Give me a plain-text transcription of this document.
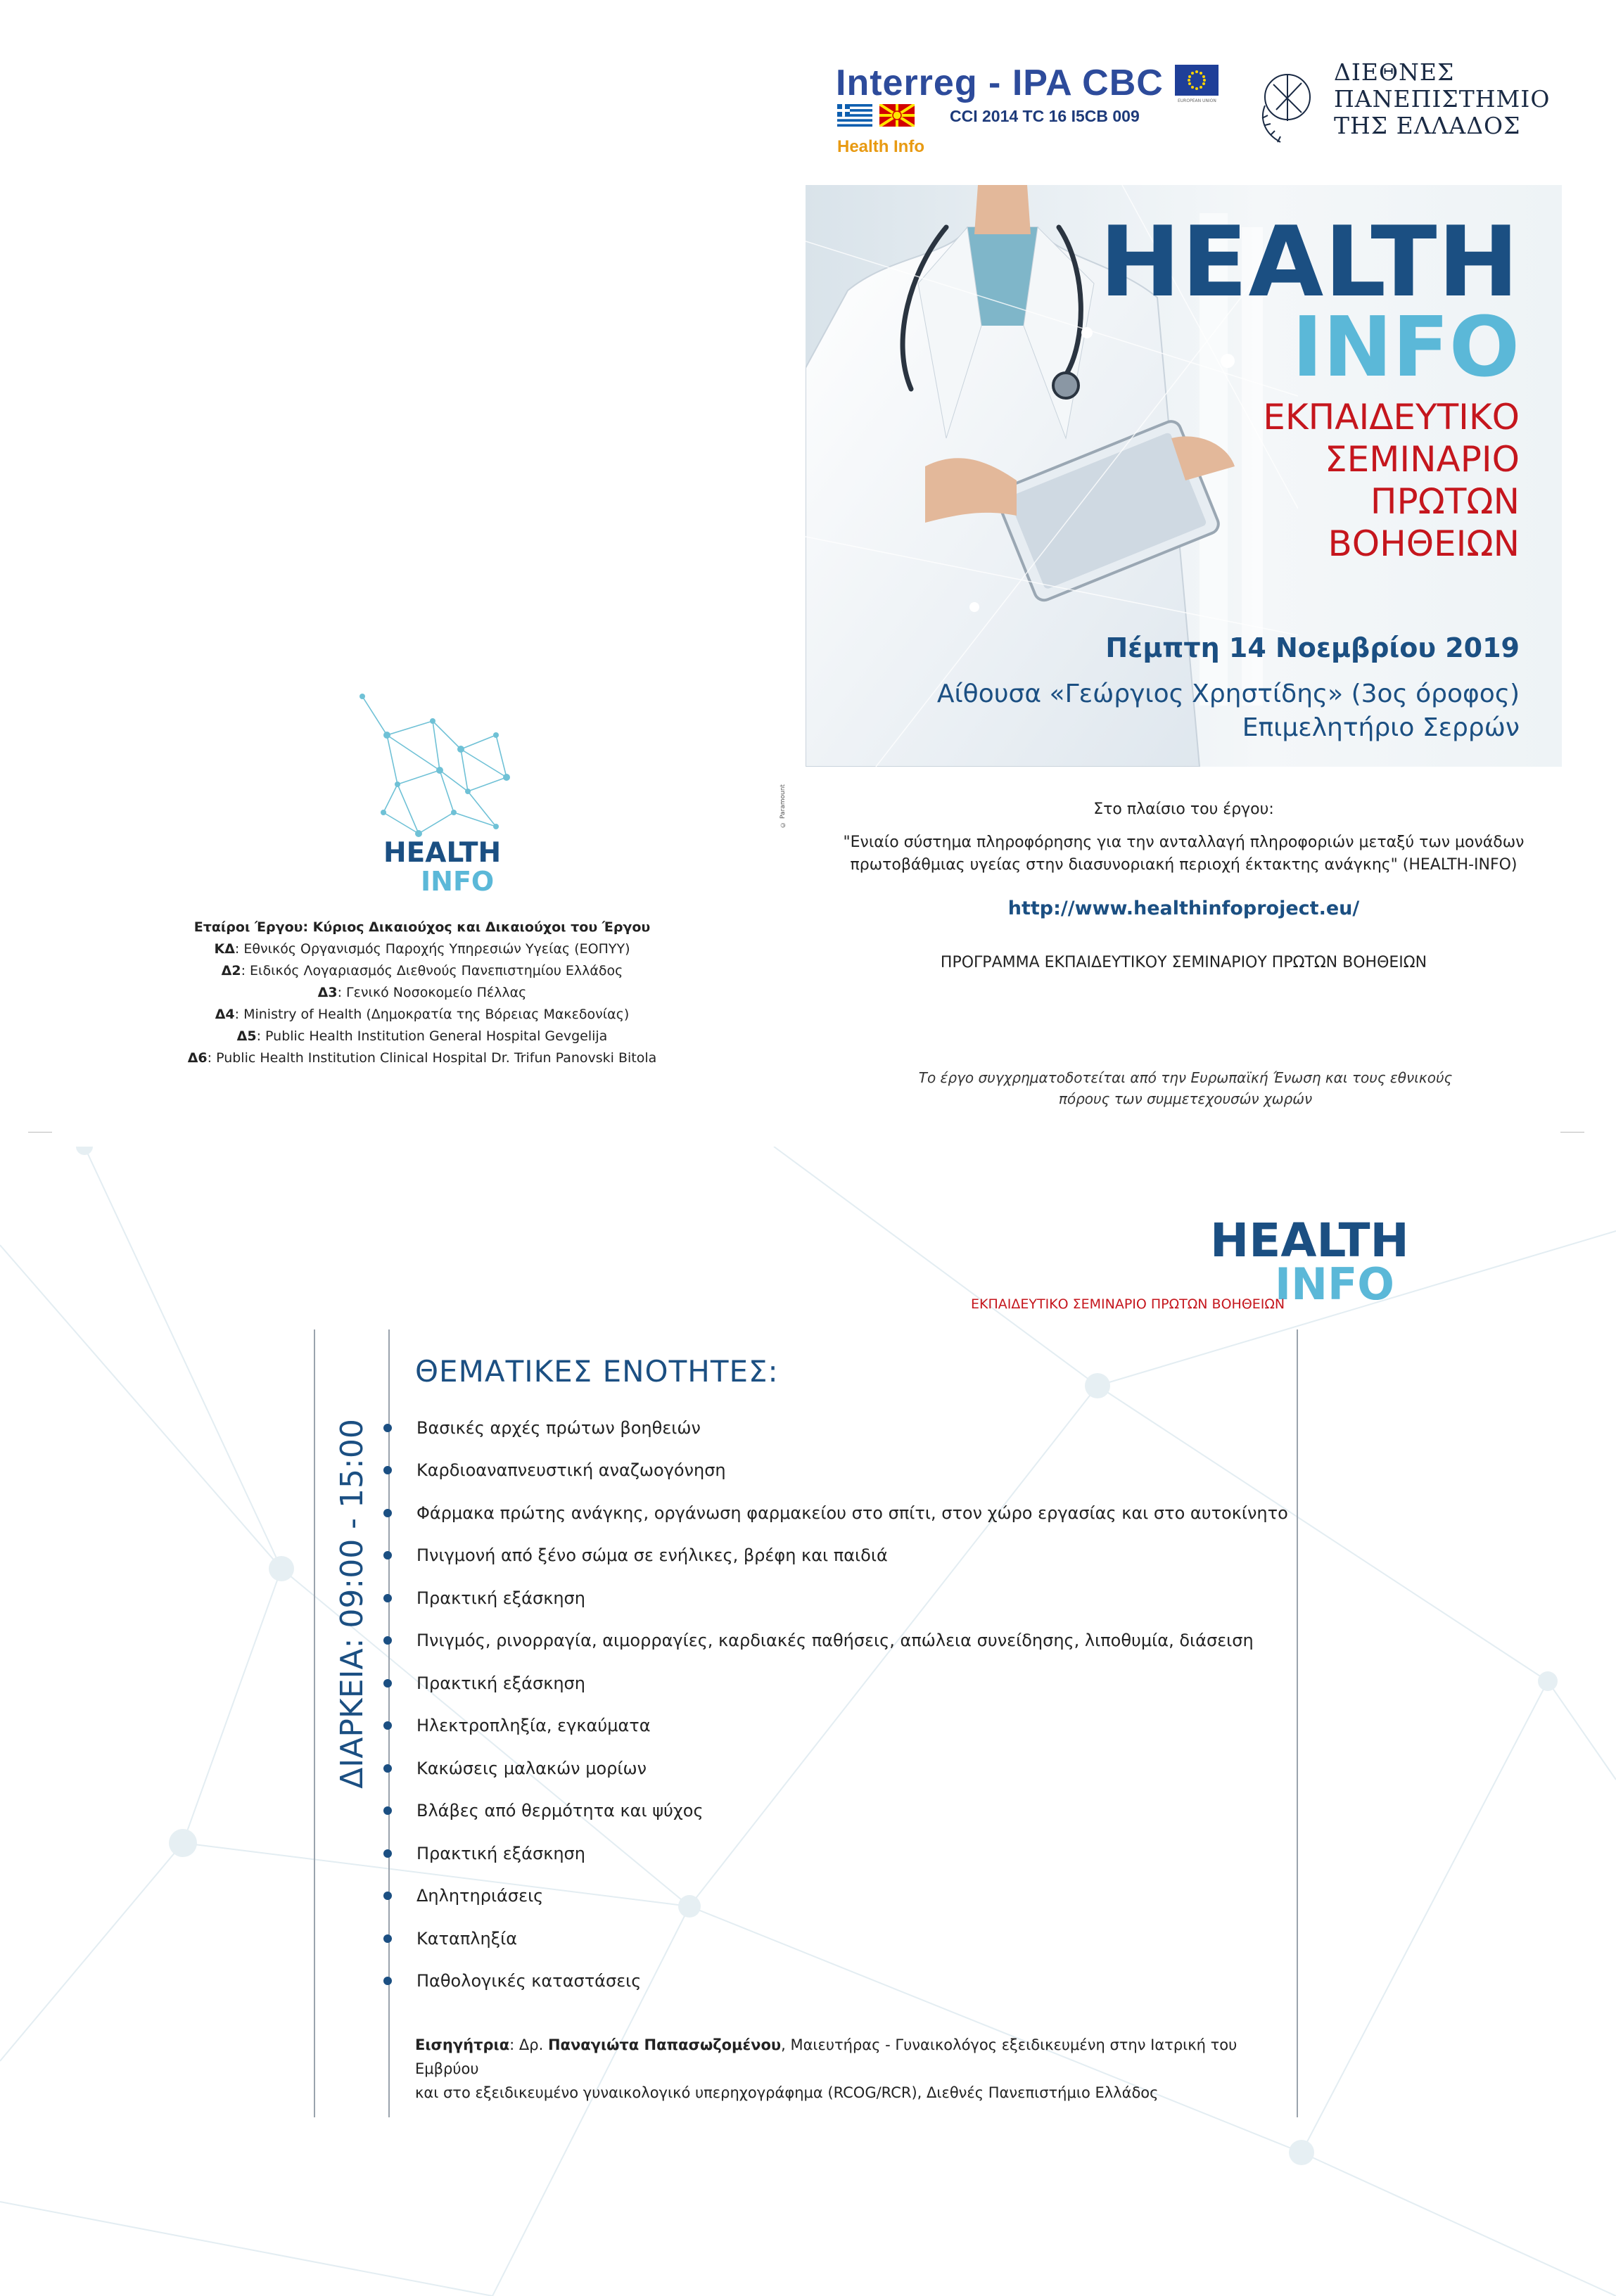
Interreg - IPA CBC	EUROPEAN UNION
CCI 2014 TC 16 I5CB 009
Health Info
ΔΙΕΘΝΕΣ
ΠΑΝΕΠΙΣΤΗΜΙΟ
ΤΗΣ ΕΛΛΑΔΟΣ
HEALTH
INFO
ΕΚΠΑΙΔΕΥΤΙΚΟ
ΣΕΜΙΝΑΡΙΟ
ΠΡΩΤΩΝ
ΒΟΗΘΕΙΩΝ
Πέμπτη 14 Νοεμβρίου 2019
Αίθουσα «Γεώργιος Χρηστίδης» (3ος όροφος)
Επιμελητήριο Σερρών
© Paramount	Στο πλαίσιο του έργου:
"Ενιαίο σύστημα πληροφόρησης για την ανταλλαγή πληροφοριών μεταξύ των μονάδων
πρωτοβάθμιας υγείας στην διασυνοριακή περιοχή έκτακτης ανάγκης" (HEALTH-INFO)
http://www.healthinfoproject.eu/
ΠΡΟΓΡΑΜΜΑ ΕΚΠΑΙΔΕΥΤΙΚΟΥ ΣΕΜΙΝΑΡΙΟΥ ΠΡΩΤΩΝ ΒΟΗΘΕΙΩΝ
Το έργο συγχρηματοδοτείται από την Ευρωπαϊκή Ένωση και τους εθνικούς
πόρους των συμμετεχουσών χωρών
HEALTH
INFO
Εταίροι Έργου: Κύριος Δικαιούχος και Δικαιούχοι του Έργου
ΚΔ: Εθνικός Οργανισμός Παροχής Υπηρεσιών Υγείας (ΕΟΠΥΥ)
Δ2: Ειδικός Λογαριασμός Διεθνούς Πανεπιστημίου Ελλάδος
Δ3: Γενικό Νοσοκομείο Πέλλας
Δ4: Ministry of Health (Δημοκρατία της Βόρειας Μακεδονίας)
Δ5: Public Health Institution General Hospital Gevgelija
Δ6: Public Health Institution Clinical Hospital Dr. Trifun Panovski Bitola
HEALTH
INFO
ΕΚΠΑΙΔΕΥΤΙΚΟ ΣΕΜΙΝΑΡΙΟ ΠΡΩΤΩΝ ΒΟΗΘΕΙΩΝ
ΔΙΑΡΚΕΙΑ: 09:00 - 15:00
ΘΕΜΑΤΙΚΕΣ ΕΝΟΤΗΤΕΣ:
Βασικές αρχές πρώτων βοηθειών
Καρδιοαναπνευστική αναζωογόνηση
Φάρμακα πρώτης ανάγκης, οργάνωση φαρμακείου στο σπίτι, στον χώρο εργασίας και στο αυτοκίνητο
Πνιγμονή από ξένο σώμα σε ενήλικες, βρέφη και παιδιά
Πρακτική εξάσκηση
Πνιγμός, ρινορραγία, αιμορραγίες, καρδιακές παθήσεις, απώλεια συνείδησης, λιποθυμία, διάσειση
Πρακτική εξάσκηση
Ηλεκτροπληξία, εγκαύματα
Κακώσεις μαλακών μορίων
Βλάβες από θερμότητα και ψύχος
Πρακτική εξάσκηση
Δηλητηριάσεις
Καταπληξία
Παθολογικές καταστάσεις
Εισηγήτρια: Δρ. Παναγιώτα Παπασωζομένου, Μαιευτήρας - Γυναικολόγος εξειδικευμένη στην Ιατρική του Εμβρύου
και στο εξειδικευμένο γυναικολογικό υπερηχογράφημα (RCOG/RCR), Διεθνές Πανεπιστήμιο Ελλάδος
